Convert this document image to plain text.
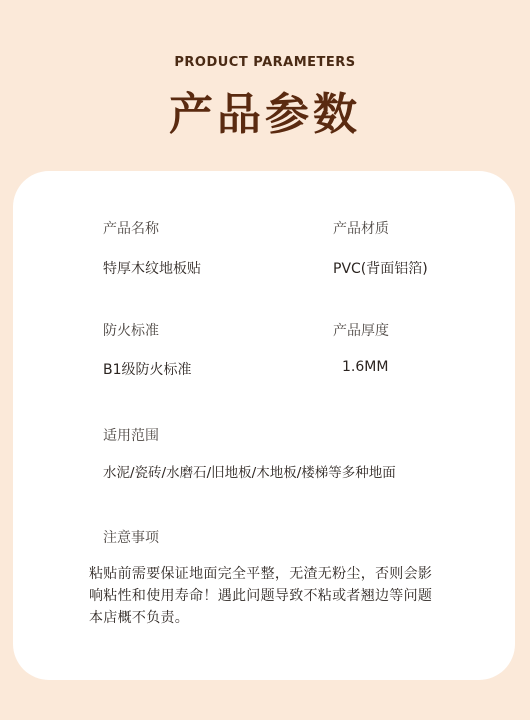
PRODUCT PARAMETERS
产品参数
产品名称
特厚木纹地板贴
产品材质
PVC(背面铝箔)
防火标准
B1级防火标准
产品厚度
1.6MM
适用范围
水泥/瓷砖/水磨石/旧地板/木地板/楼梯等多种地面
注意事项
粘贴前需要保证地面完全平整，无渣无粉尘，否则会影响粘性和使用寿命！遇此问题导致不粘或者翘边等问题本店概不负责。
